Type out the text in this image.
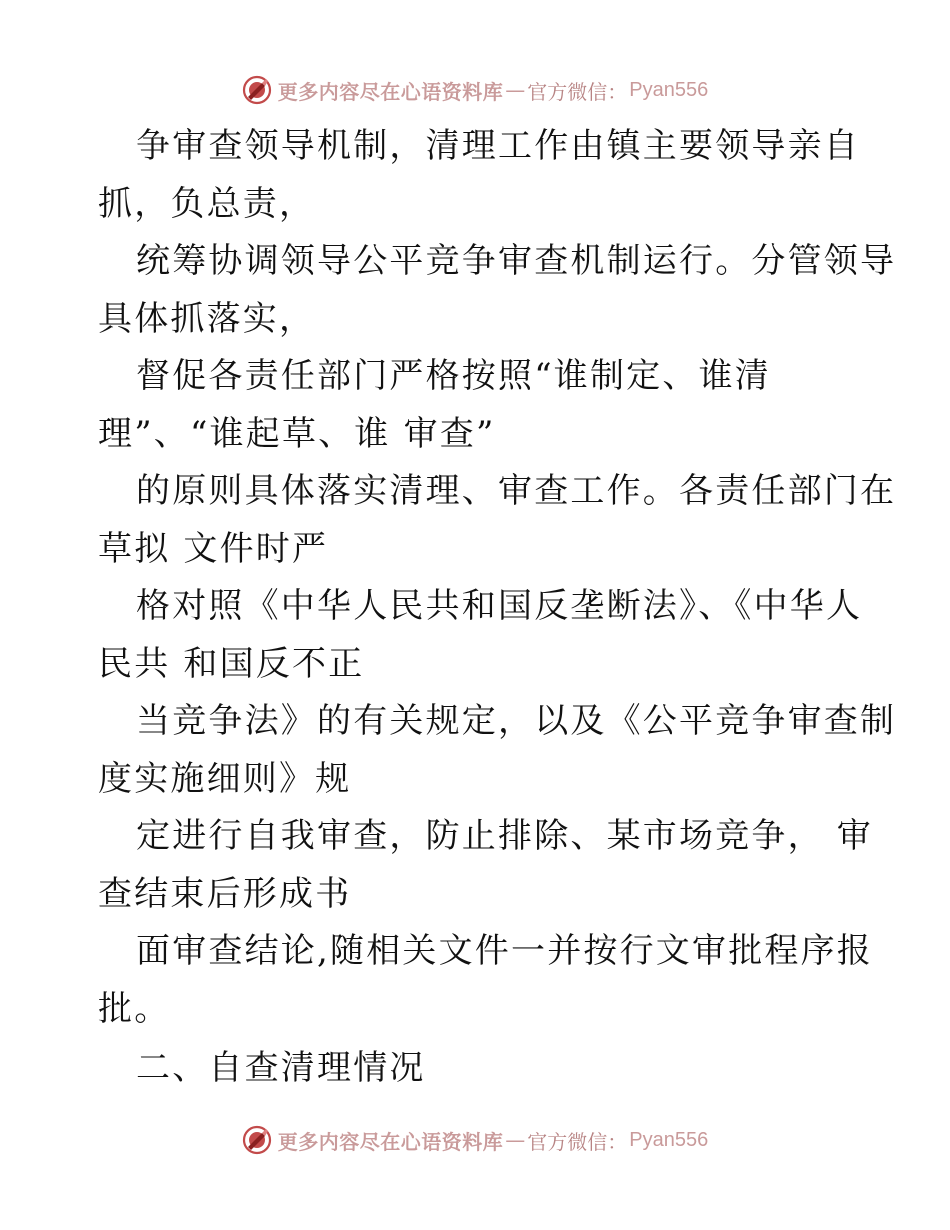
更多内容尽在心语资料库 — 官方微信： Pyan556

争审查领导机制，清理工作由镇主要领导亲自

抓，负总责，

统筹协调领导公平竞争审查机制运行。分管领导

具体抓落实，

督促各责任部门严格按照“谁制定、谁清

理”、“谁起草、谁 审查”

的原则具体落实清理、审查工作。各责任部门在

草拟 文件时严

格对照《中华人民共和国反垄断法》、《中华人

民共 和国反不正

当竞争法》的有关规定，以及《公平竞争审查制

度实施细则》规

定进行自我审查，防止排除、某市场竞争， 审

查结束后形成书

面审查结论,随相关文件一并按行文审批程序报

批。

二、自查清理情况

更多内容尽在心语资料库 — 官方微信： Pyan556
